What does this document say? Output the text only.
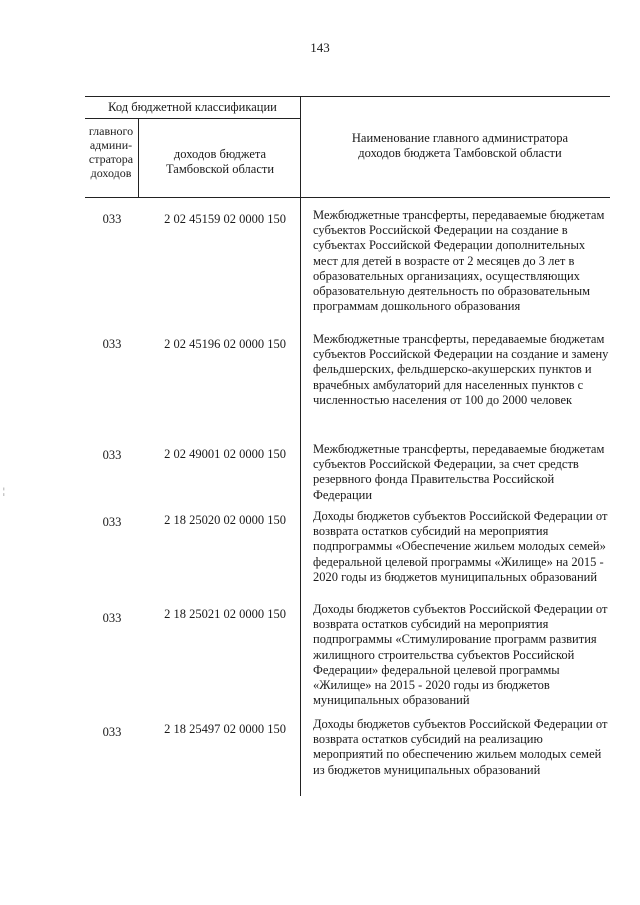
143
Код бюджетной классификации
главного админи-стратора доходов
доходов бюджета Тамбовской области
Наименование главного администратора доходов бюджета Тамбовской области
033	2 02 45159 02 0000 150	Межбюджетные трансферты, передаваемые бюджетам субъектов Российской Федерации на создание в субъектах Российской Федерации дополнительных мест для детей в возрасте от 2 месяцев до 3 лет в образовательных организациях, осуществляющих образовательную деятельность по образовательным программам дошкольного образования
033	2 02 45196 02 0000 150	Межбюджетные трансферты, передаваемые бюджетам субъектов Российской Федерации на создание и замену фельдшерских, фельдшерско-акушерских пунктов и врачебных амбулаторий для населенных пунктов с численностью населения от 100 до 2000 человек
033	2 02 49001 02 0000 150	Межбюджетные трансферты, передаваемые бюджетам субъектов Российской Федерации, за счет средств резервного фонда Правительства Российской Федерации
033	2 18 25020 02 0000 150	Доходы бюджетов субъектов Российской Федерации от возврата остатков субсидий на мероприятия подпрограммы «Обеспечение жильем молодых семей» федеральной целевой программы «Жилище» на 2015 - 2020 годы из бюджетов муниципальных образований
033	2 18 25021 02 0000 150	Доходы бюджетов субъектов Российской Федерации от возврата остатков субсидий на мероприятия подпрограммы «Стимулирование программ развития жилищного строительства субъектов Российской Федерации» федеральной целевой программы «Жилище» на 2015 - 2020 годы из бюджетов муниципальных образований
033	2 18 25497 02 0000 150	Доходы бюджетов субъектов Российской Федерации от возврата остатков субсидий на реализацию мероприятий по обеспечению жильем молодых семей из бюджетов муниципальных образований
¦
